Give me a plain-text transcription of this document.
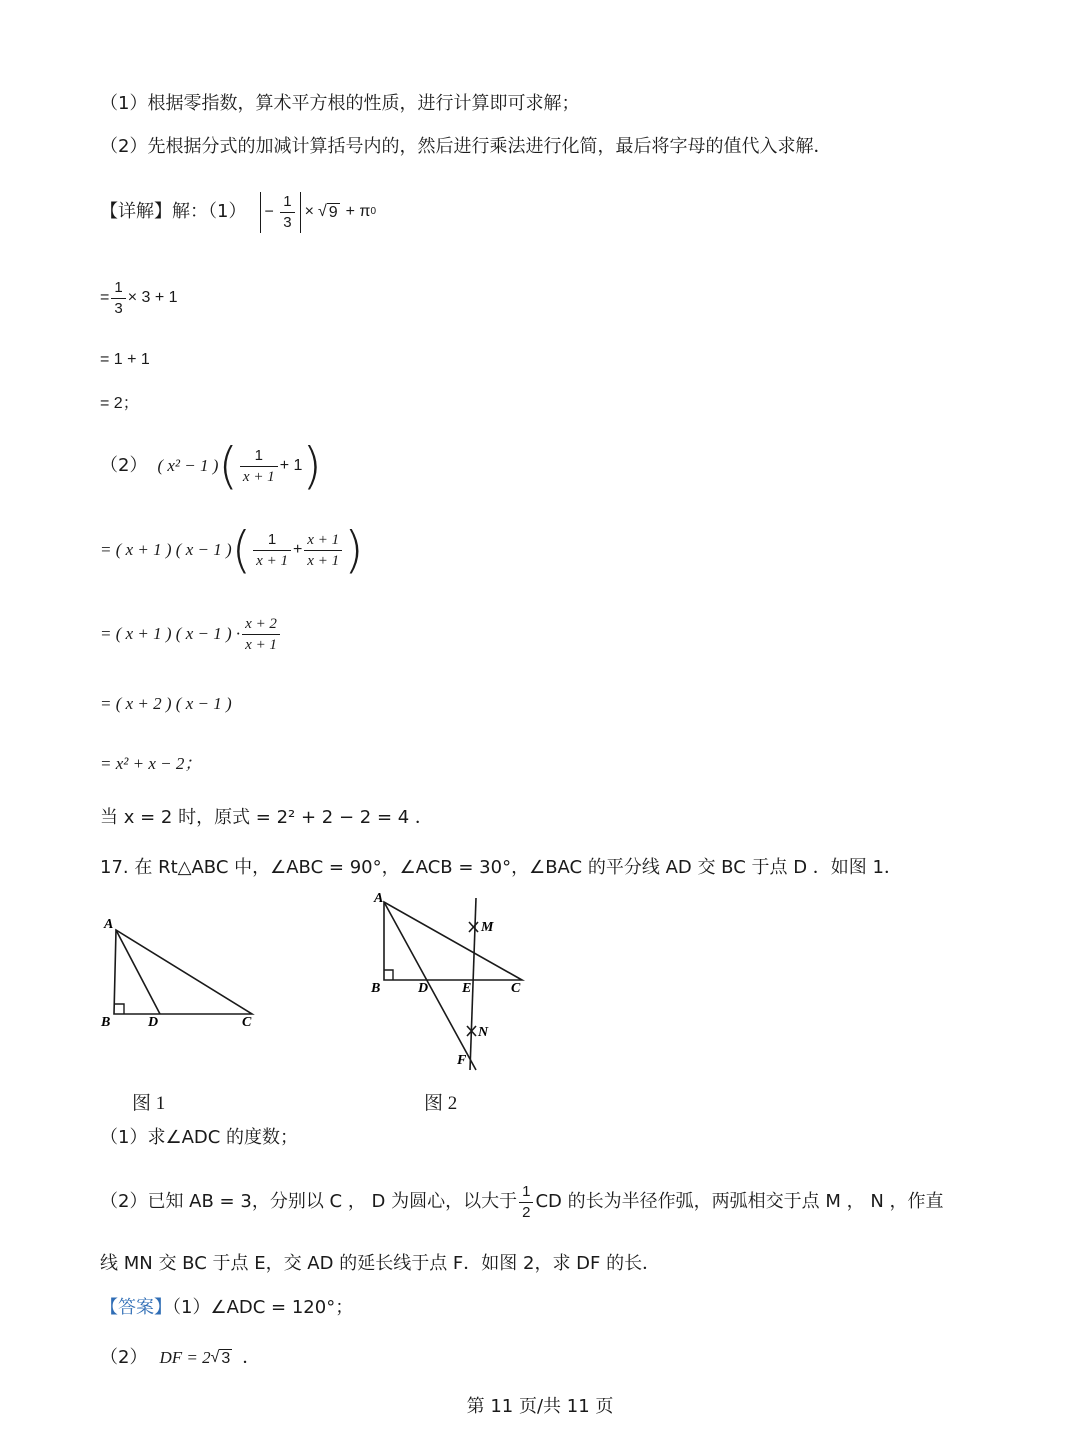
（1）根据零指数，算术平方根的性质，进行计算即可求解；
（2）先根据分式的加减计算括号内的，然后进行乘法进行化简，最后将字母的值代入求解．
【详解】解：$(1) - \frac{1}{3}$ × √ 9 + π 0
= $\frac{1}{3} \times 3 + 1$
= 1 + 1
= 2；
（2） ( x² − 1 ) ( $\frac{1}{x + 1} + 1$ )
= ( x + 1 ) ( x − 1 ) ( $\frac{1}{x + 1} + \frac{x + 1}{x + 1}$ )
= ( x + 1 ) ( x − 1 ) · $\frac{x + 2}{x + 1}$
= ( x + 2 ) ( x − 1 )
= x² + x − 2；
当 x = 2 时，原式 = 2² + 2 − 2 = 4 ．
17. 在 Rt△ABC 中，∠ABC = 90°，∠ACB = 30°，∠BAC 的平分线 AD 交 BC 于点 D ．如图 1．
A
B	D	C
图 1
A
B	D E	C
M
N
F
图 2
（1）求∠ADC 的度数；
（2）已知 AB = 3，分别以 C ， D 为圆心，以大于 $\frac{1}{2}$ CD 的长为半径作弧，两弧相交于点 M ， N ，作直
线 MN 交 BC 于点 E，交 AD 的延长线于点 F．如图 2，求 DF 的长．
【答案】（1）∠ADC = 120°；
（2） DF = 2 √ 3 ．
第 11 页/共 11 页
